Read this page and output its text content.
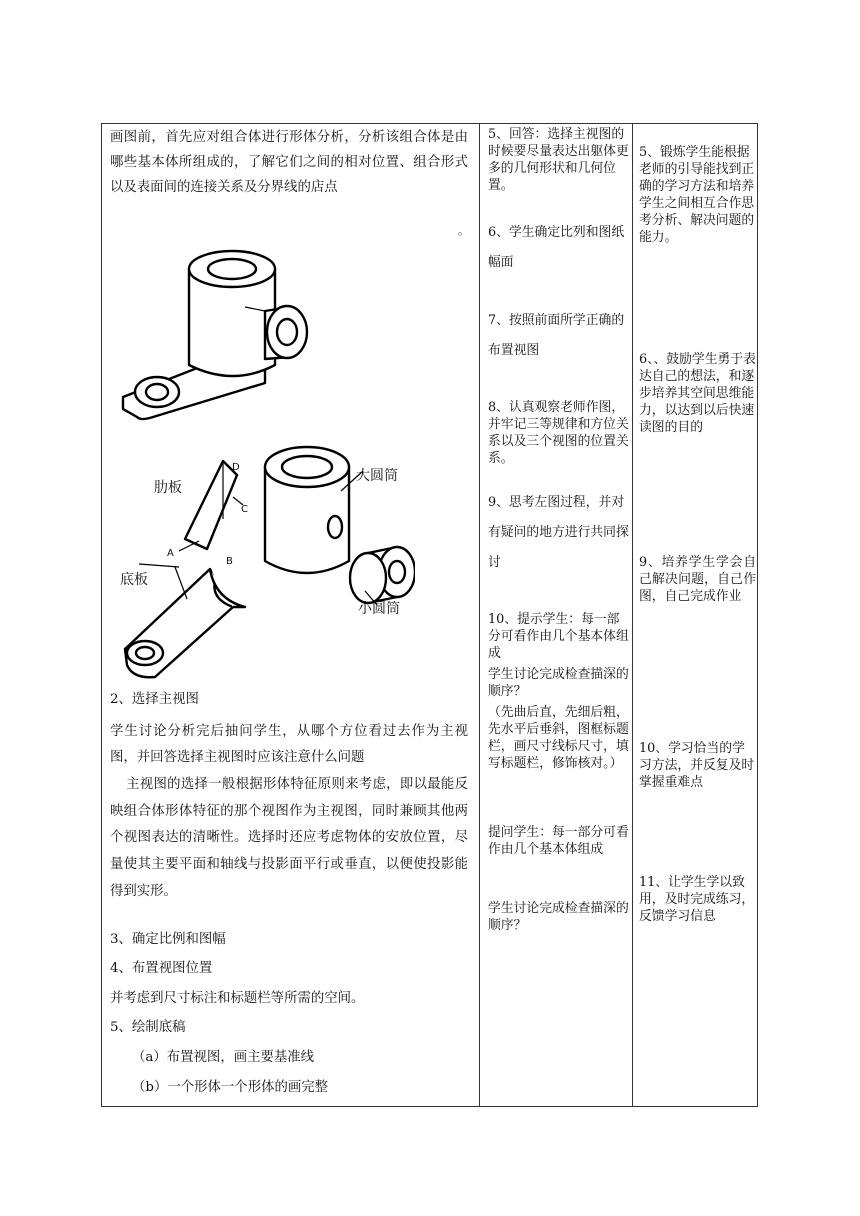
画图前，首先应对组合体进行形体分析，分析该组合体是由哪些基本体所组成的，了解它们之间的相对位置、组合形式以及表面间的连接关系及分界线的店点

。
肋板
大圆筒
小圆筒
底板
A
B
C
D

2、选择主视图

学生讨论分析完后抽问学生，从哪个方位看过去作为主视图，并回答选择主视图时应该注意什么问题

主视图的选择一般根据形体特征原则来考虑，即以最能反映组合体形体特征的那个视图作为主视图，同时兼顾其他两个视图表达的清晰性。选择时还应考虑物体的安放位置，尽量使其主要平面和轴线与投影面平行或垂直，以便使投影能得到实形。

3、确定比例和图幅

4、布置视图位置

并考虑到尺寸标注和标题栏等所需的空间。

5、绘制底稿

（a）布置视图，画主要基准线

（b）一个形体一个形体的画完整

5、回答：选择主视图的时候要尽量表达出躯体更多的几何形状和几何位置。

6、学生确定比列和图纸幅面

7、按照前面所学正确的布置视图

8、认真观察老师作图，并牢记三等规律和方位关系以及三个视图的位置关系。

9、思考左图过程，并对有疑问的地方进行共同探讨

10、提示学生：每一部分可看作由几个基本体组成

学生讨论完成检查描深的顺序？

（先曲后直，先细后粗，先水平后垂斜，图框标题栏，画尺寸线标尺寸，填写标题栏，修饰核对。）

提问学生：每一部分可看作由几个基本体组成

学生讨论完成检查描深的顺序？

5、锻炼学生能根据老师的引导能找到正确的学习方法和培养学生之间相互合作思考分析、解决问题的能力。

6、、鼓励学生勇于表达自己的想法，和逐步培养其空间思维能力，以达到以后快速读图的目的

9、培养学生学会自己解决问题，自己作图，自己完成作业

10、学习恰当的学习方法，并反复及时掌握重难点

11、让学生学以致用，及时完成练习，反馈学习信息
